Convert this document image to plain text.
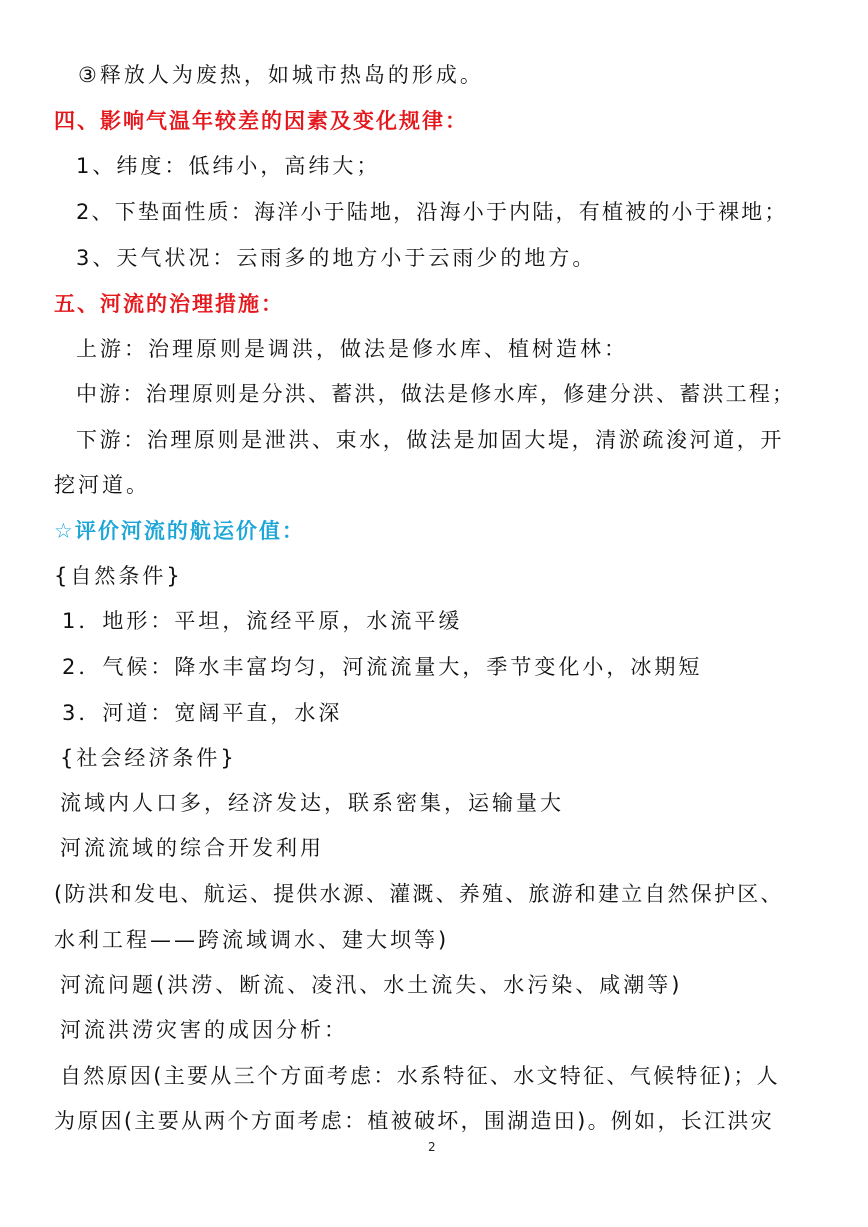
③释放人为废热，如城市热岛的形成。
四、影响气温年较差的因素及变化规律：
1、纬度：低纬小，高纬大；
2、下垫面性质：海洋小于陆地，沿海小于内陆，有植被的小于裸地；
3、天气状况：云雨多的地方小于云雨少的地方。
五、河流的治理措施：
上游：治理原则是调洪，做法是修水库、植树造林：
中游：治理原则是分洪、蓄洪，做法是修水库，修建分洪、蓄洪工程；
下游：治理原则是泄洪、束水，做法是加固大堤，清淤疏浚河道，开
挖河道。
☆评价河流的航运价值：
{自然条件}
1．地形：平坦，流经平原，水流平缓
2．气候：降水丰富均匀，河流流量大，季节变化小，冰期短
3．河道：宽阔平直，水深
{社会经济条件}
流域内人口多，经济发达，联系密集，运输量大
河流流域的综合开发利用
(防洪和发电、航运、提供水源、灌溉、养殖、旅游和建立自然保护区、
水利工程——跨流域调水、建大坝等)
河流问题(洪涝、断流、凌汛、水土流失、水污染、咸潮等)
河流洪涝灾害的成因分析：
自然原因(主要从三个方面考虑：水系特征、水文特征、气候特征)；人
为原因(主要从两个方面考虑：植被破坏，围湖造田)。例如，长江洪灾
2
